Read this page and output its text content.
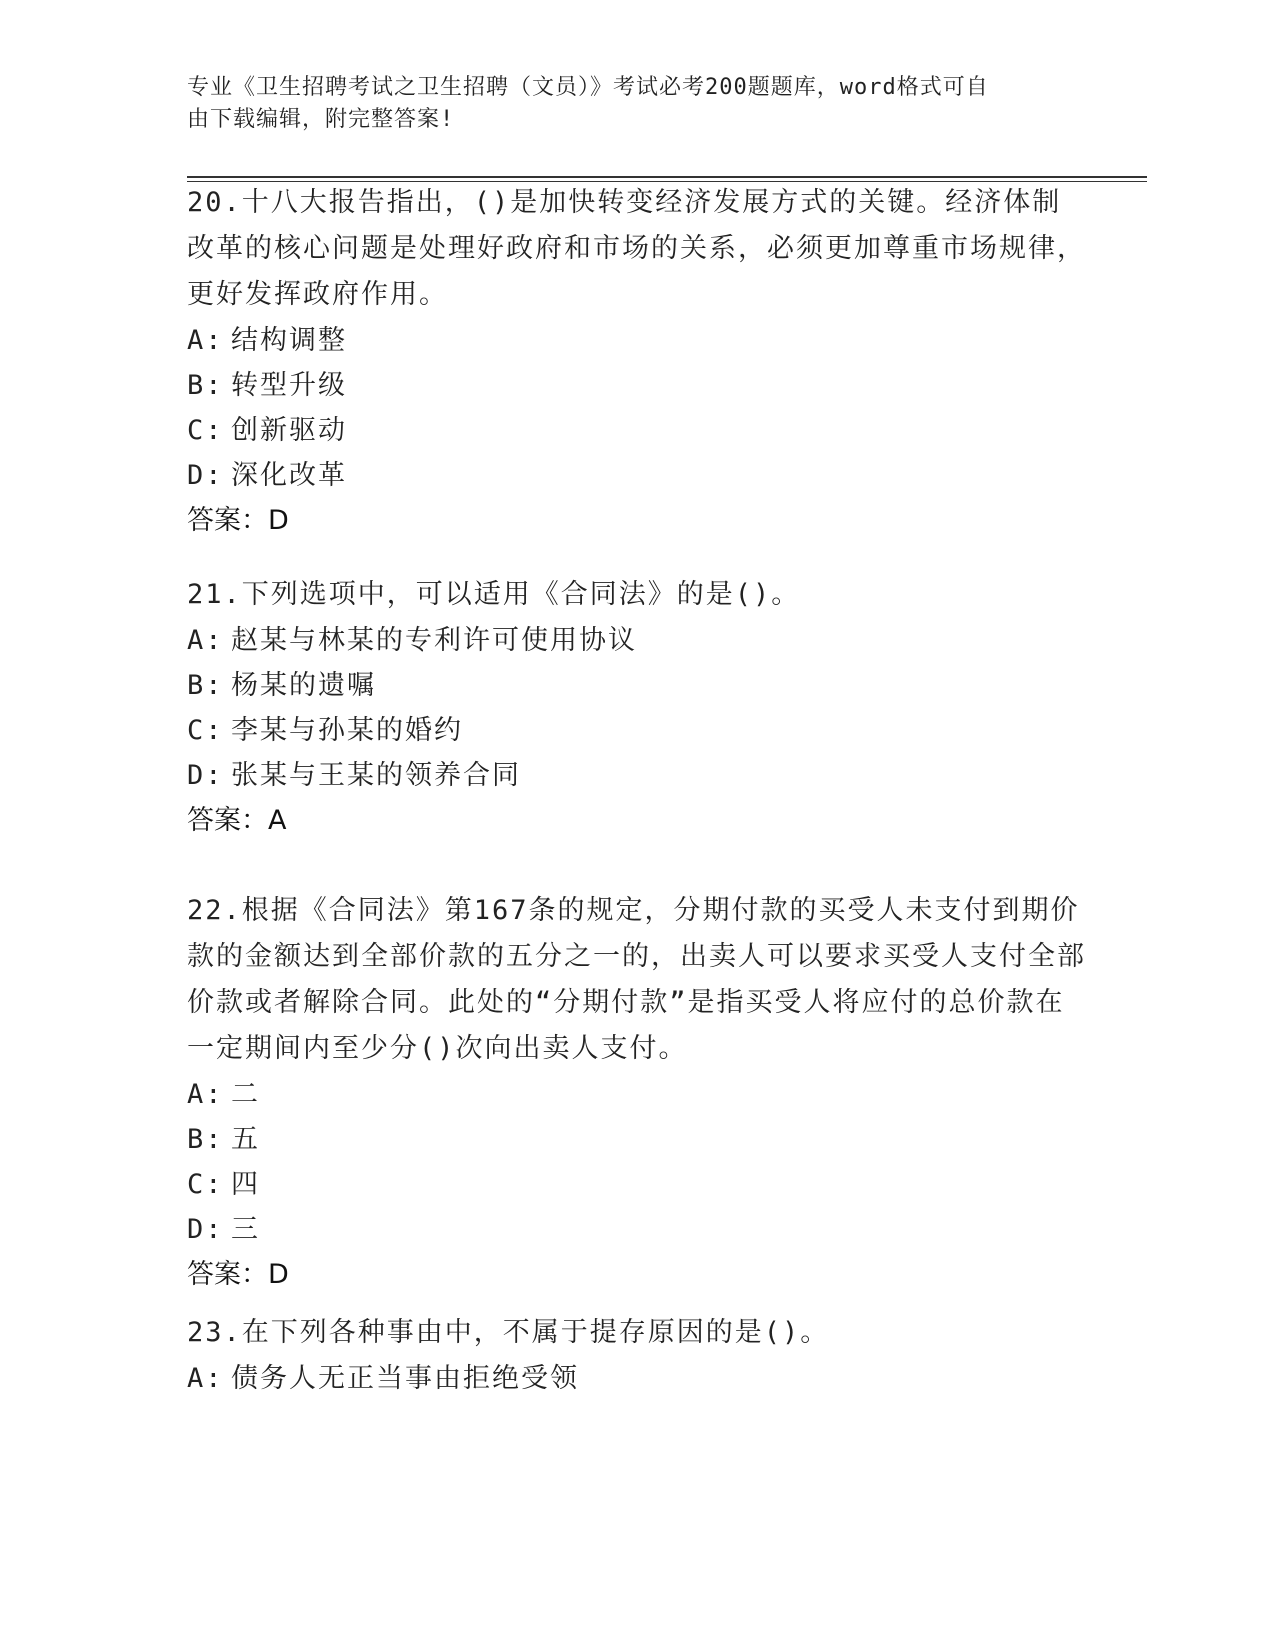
专业《卫生招聘考试之卫生招聘（文员）》考试必考200题题库，word格式可自
由下载编辑，附完整答案!

20.十八大报告指出，()是加快转变经济发展方式的关键。经济体制改革的核心问题是处理好政府和市场的关系，必须更加尊重市场规律，更好发挥政府作用。

A: 结构调整

B: 转型升级

C: 创新驱动

D: 深化改革

答案：D

21.下列选项中，可以适用《合同法》的是()。

A: 赵某与林某的专利许可使用协议

B: 杨某的遗嘱

C: 李某与孙某的婚约

D: 张某与王某的领养合同

答案：A

22.根据《合同法》第167条的规定，分期付款的买受人未支付到期价款的金额达到全部价款的五分之一的，出卖人可以要求买受人支付全部价款或者解除合同。此处的“分期付款”是指买受人将应付的总价款在一定期间内至少分()次向出卖人支付。

A: 二

B: 五

C: 四

D: 三

答案：D

23.在下列各种事由中，不属于提存原因的是()。

A: 债务人无正当事由拒绝受领
